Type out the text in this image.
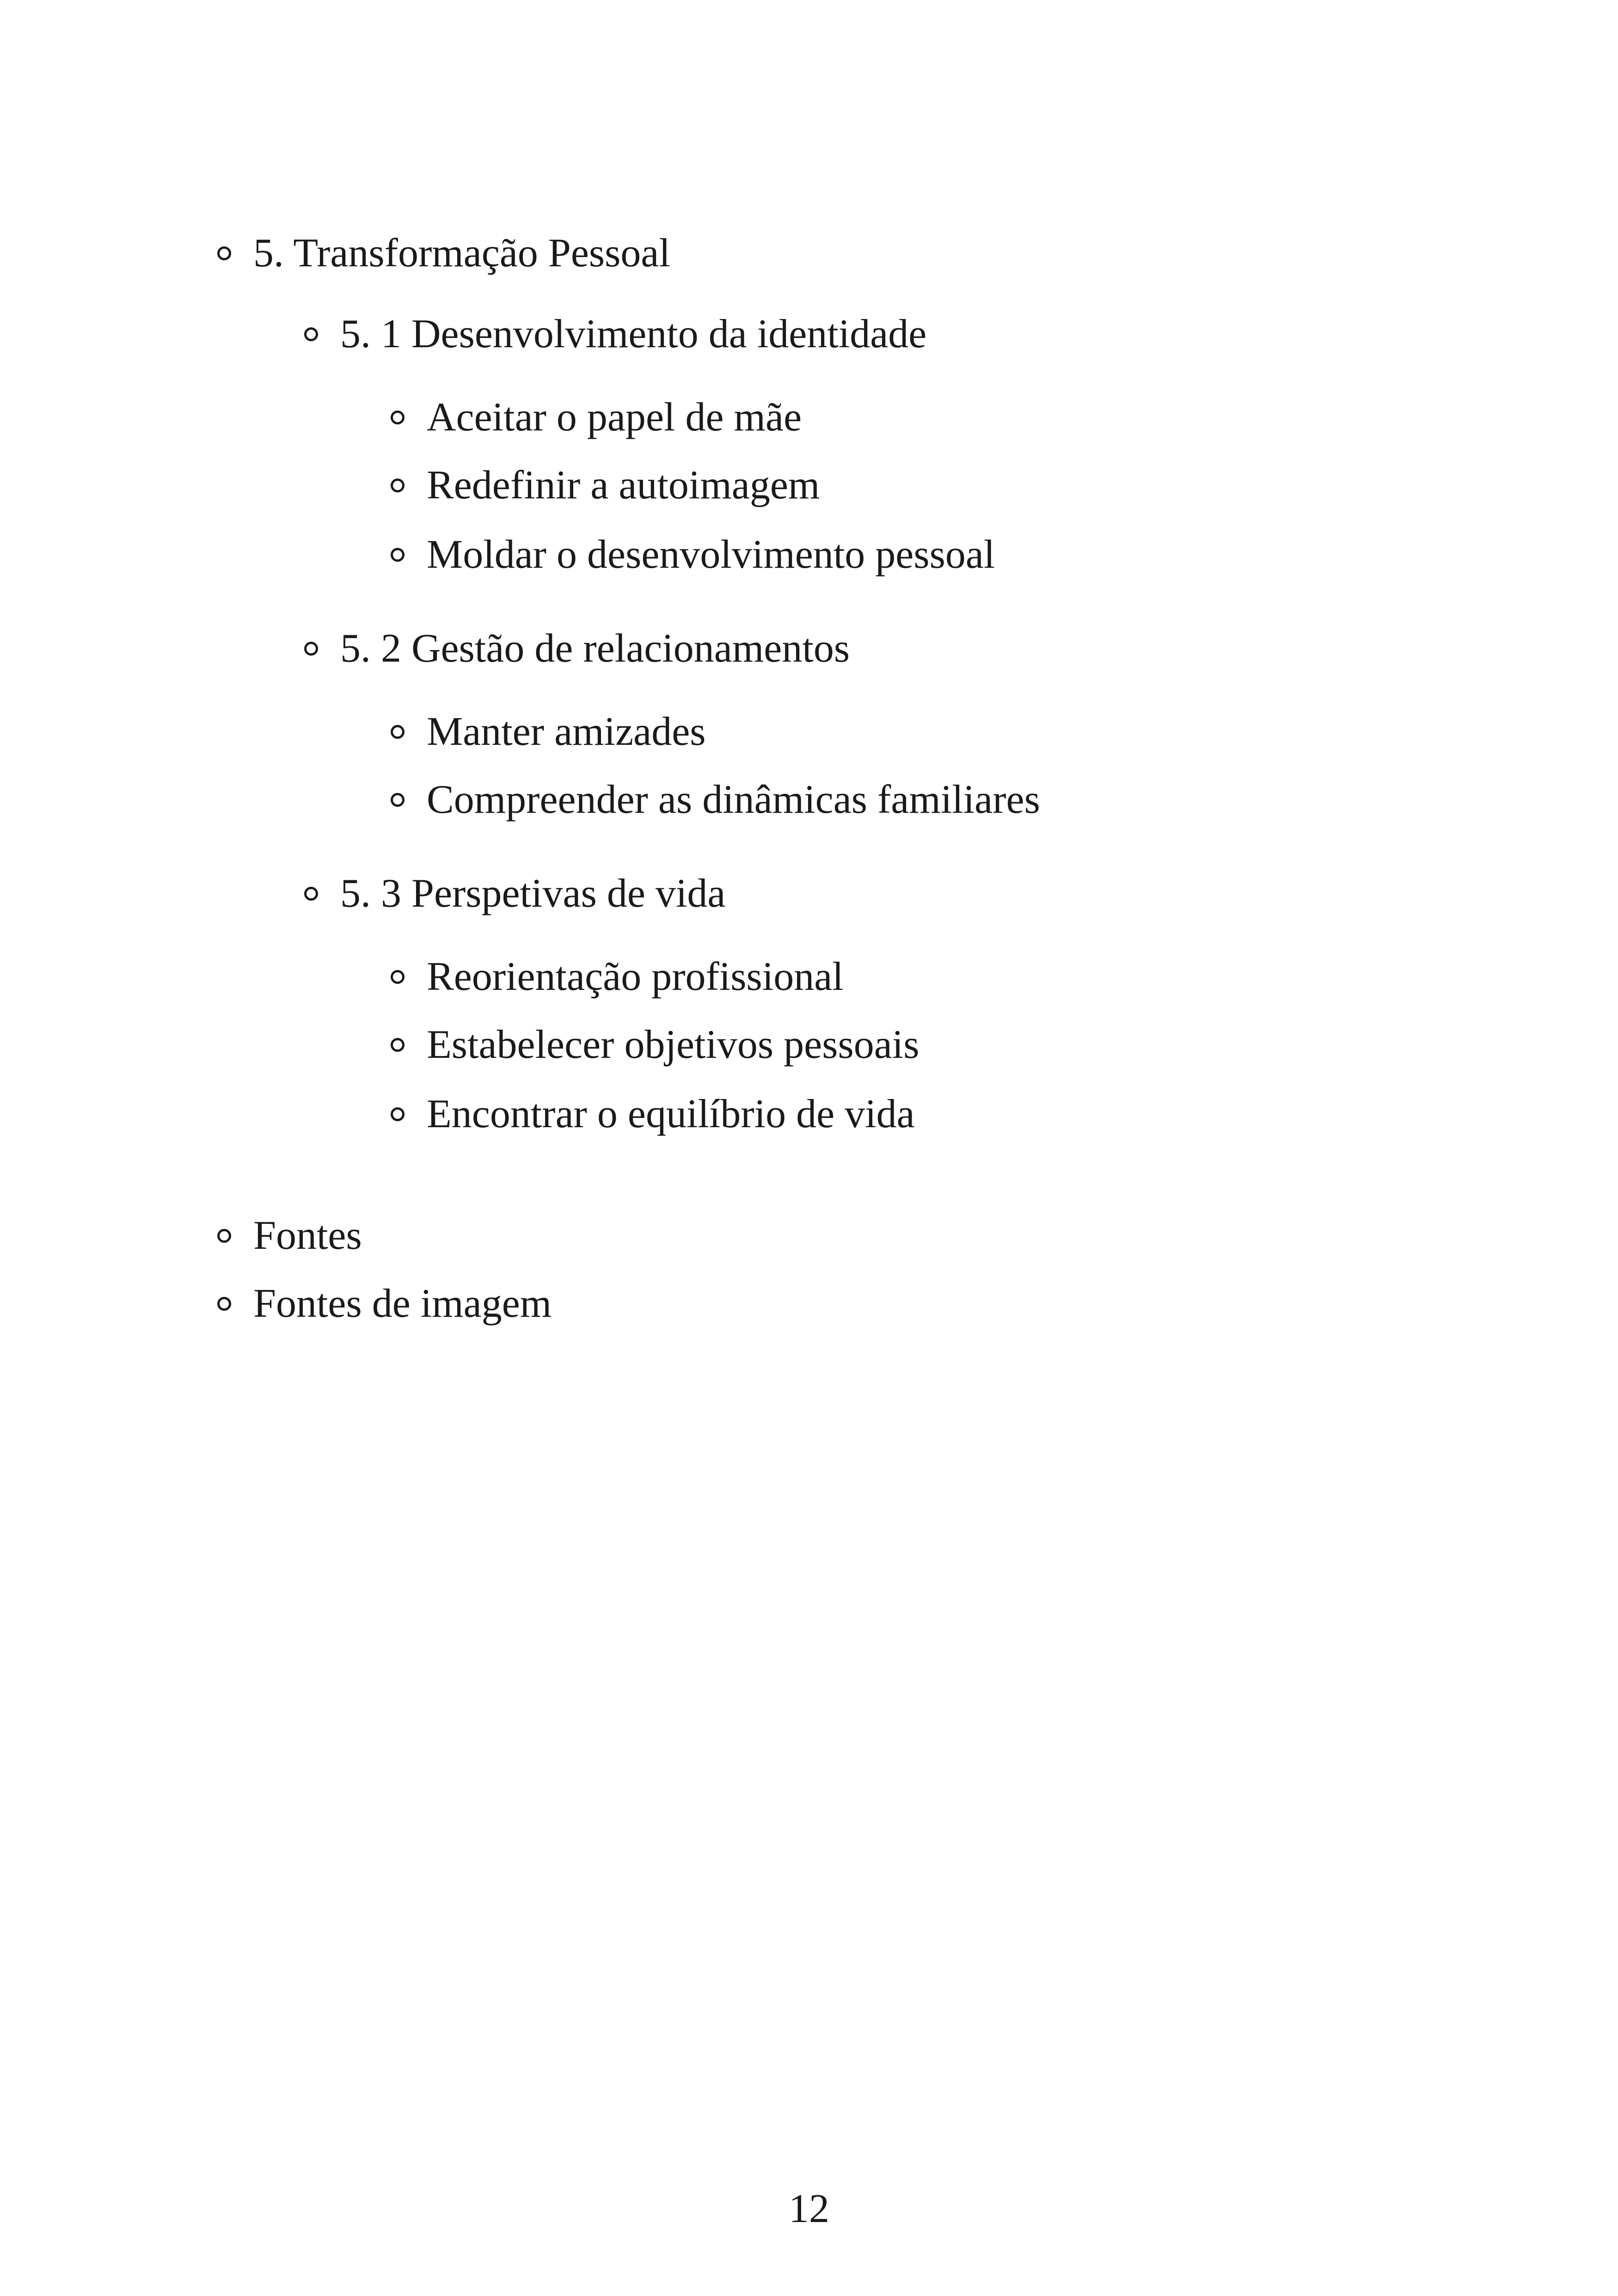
5. Transformação Pessoal
5. 1 Desenvolvimento da identidade
Aceitar o papel de mãe
Redefinir a autoimagem
Moldar o desenvolvimento pessoal
5. 2 Gestão de relacionamentos
Manter amizades
Compreender as dinâmicas familiares
5. 3 Perspetivas de vida
Reorientação profissional
Estabelecer objetivos pessoais
Encontrar o equilíbrio de vida
Fontes
Fontes de imagem
12
